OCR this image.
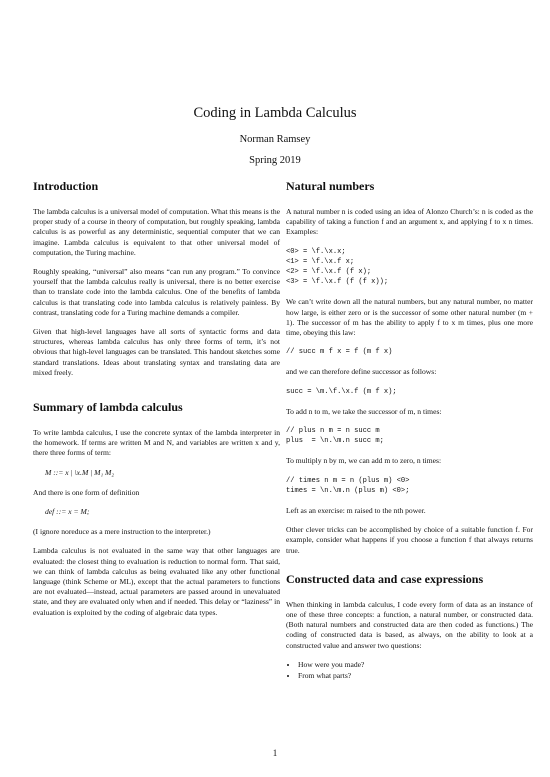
Coding in Lambda Calculus
Norman Ramsey
Spring 2019
Introduction

The lambda calculus is a universal model of computation. What this means is the proper study of a course in theory of computation, but roughly speaking, lambda calculus is as powerful as any deterministic, sequential computer that we can imagine. Lambda calculus is equivalent to that other universal model of computation, the Turing machine.

Roughly speaking, “universal” also means “can run any program.” To convince yourself that the lambda calculus really is universal, there is no better exercise than to translate code into the lambda calculus. One of the benefits of lambda calculus is that translating code into lambda calculus is relatively painless. By contrast, translating code for a Turing machine demands a compiler.

Given that high-level languages have all sorts of syntactic forms and data structures, whereas lambda calculus has only three forms of term, it’s not obvious that high-level languages can be translated. This handout sketches some standard translations. Ideas about translating syntax and translating data are mixed freely.

Summary of lambda calculus

To write lambda calculus, I use the concrete syntax of the lambda interpreter in the homework. If terms are written M and N, and variables are written x and y, there three forms of term:

M ::= x | \x.M | M₁ M₂

And there is one form of definition

def ::= x = M;

(I ignore noreduce as a mere instruction to the interpreter.)

Lambda calculus is not evaluated in the same way that other languages are evaluated: the closest thing to evaluation is reduction to normal form. That said, we can think of lambda calculus as being evaluated like any other functional language (think Scheme or ML), except that the actual parameters to functions are not evaluated—instead, actual parameters are passed around in unevaluated state, and they are evaluated only when and if needed. This delay or “laziness” in evaluation is exploited by the coding of algebraic data types.

Natural numbers

A natural number n is coded using an idea of Alonzo Church’s: n is coded as the capability of taking a function f and an argument x, and applying f to x n times. Examples:

<0> = \f.\x.x;
<1> = \f.\x.f x;
<2> = \f.\x.f (f x);
<3> = \f.\x.f (f (f x));

We can’t write down all the natural numbers, but any natural number, no matter how large, is either zero or is the successor of some other natural number (m + 1). The successor of m has the ability to apply f to x m times, plus one more time, obeying this law:

// succ m f x = f (m f x)

and we can therefore define successor as follows:

succ = \m.\f.\x.f (m f x);

To add n to m, we take the successor of m, n times:

// plus n m = n succ m
plus  = \n.\m.n succ m;

To multiply n by m, we can add m to zero, n times:

// times n m = n (plus m) <0>
times = \n.\m.n (plus m) <0>;

Left as an exercise: m raised to the nth power.

Other clever tricks can be accomplished by choice of a suitable function f. For example, consider what happens if you choose a function f that always returns true.

Constructed data and case expressions

When thinking in lambda calculus, I code every form of data as an instance of one of these three concepts: a function, a natural number, or constructed data. (Both natural numbers and constructed data are then coded as functions.) The coding of constructed data is based, as always, on the ability to look at a constructed value and answer two questions:

• How were you made?
• From what parts?
1
